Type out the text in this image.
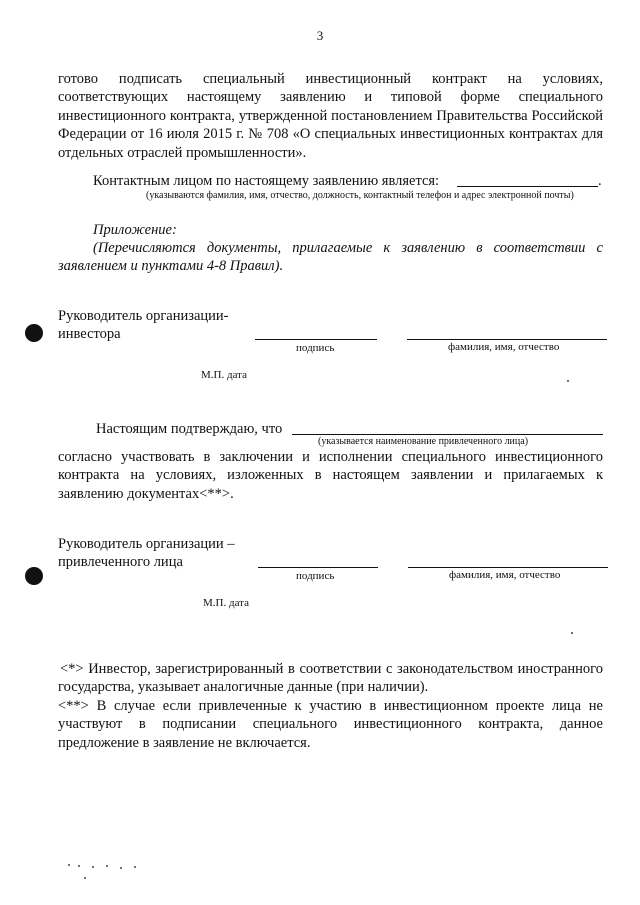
3
готово подписать специальный инвестиционный контракт на условиях, соответствующих настоящему заявлению и типовой форме специального инвестиционного контракта, утвержденной постановлением Правительства Российской Федерации от 16 июля 2015 г. № 708 «О специальных инвестиционных контрактах для отдельных отраслей промышленности».
Контактным лицом по настоящему заявлению является:	.
(указываются фамилия, имя, отчество, должность, контактный телефон и адрес электронной почты)
Приложение:
(Перечисляются документы, прилагаемые к заявлению в соответствии с заявлением и пунктами 4-8 Правил).
Руководитель организации-
инвестора
подпись	фамилия, имя, отчество
М.П. дата
Настоящим подтверждаю, что
(указывается наименование привлеченного лица)
согласно участвовать в заключении и исполнении специального инвестиционного контракта на условиях, изложенных в настоящем заявлении и прилагаемых к заявлению документах<**>.
Руководитель организации –
привлеченного лица
подпись	фамилия, имя, отчество
М.П. дата
<*> Инвестор, зарегистрированный в соответствии с законодательством иностранного государства, указывает аналогичные данные (при наличии).
<**> В случае если привлеченные к участию в инвестиционном проекте лица не участвуют в подписании специального инвестиционного контракта, данное предложение в заявление не включается.
